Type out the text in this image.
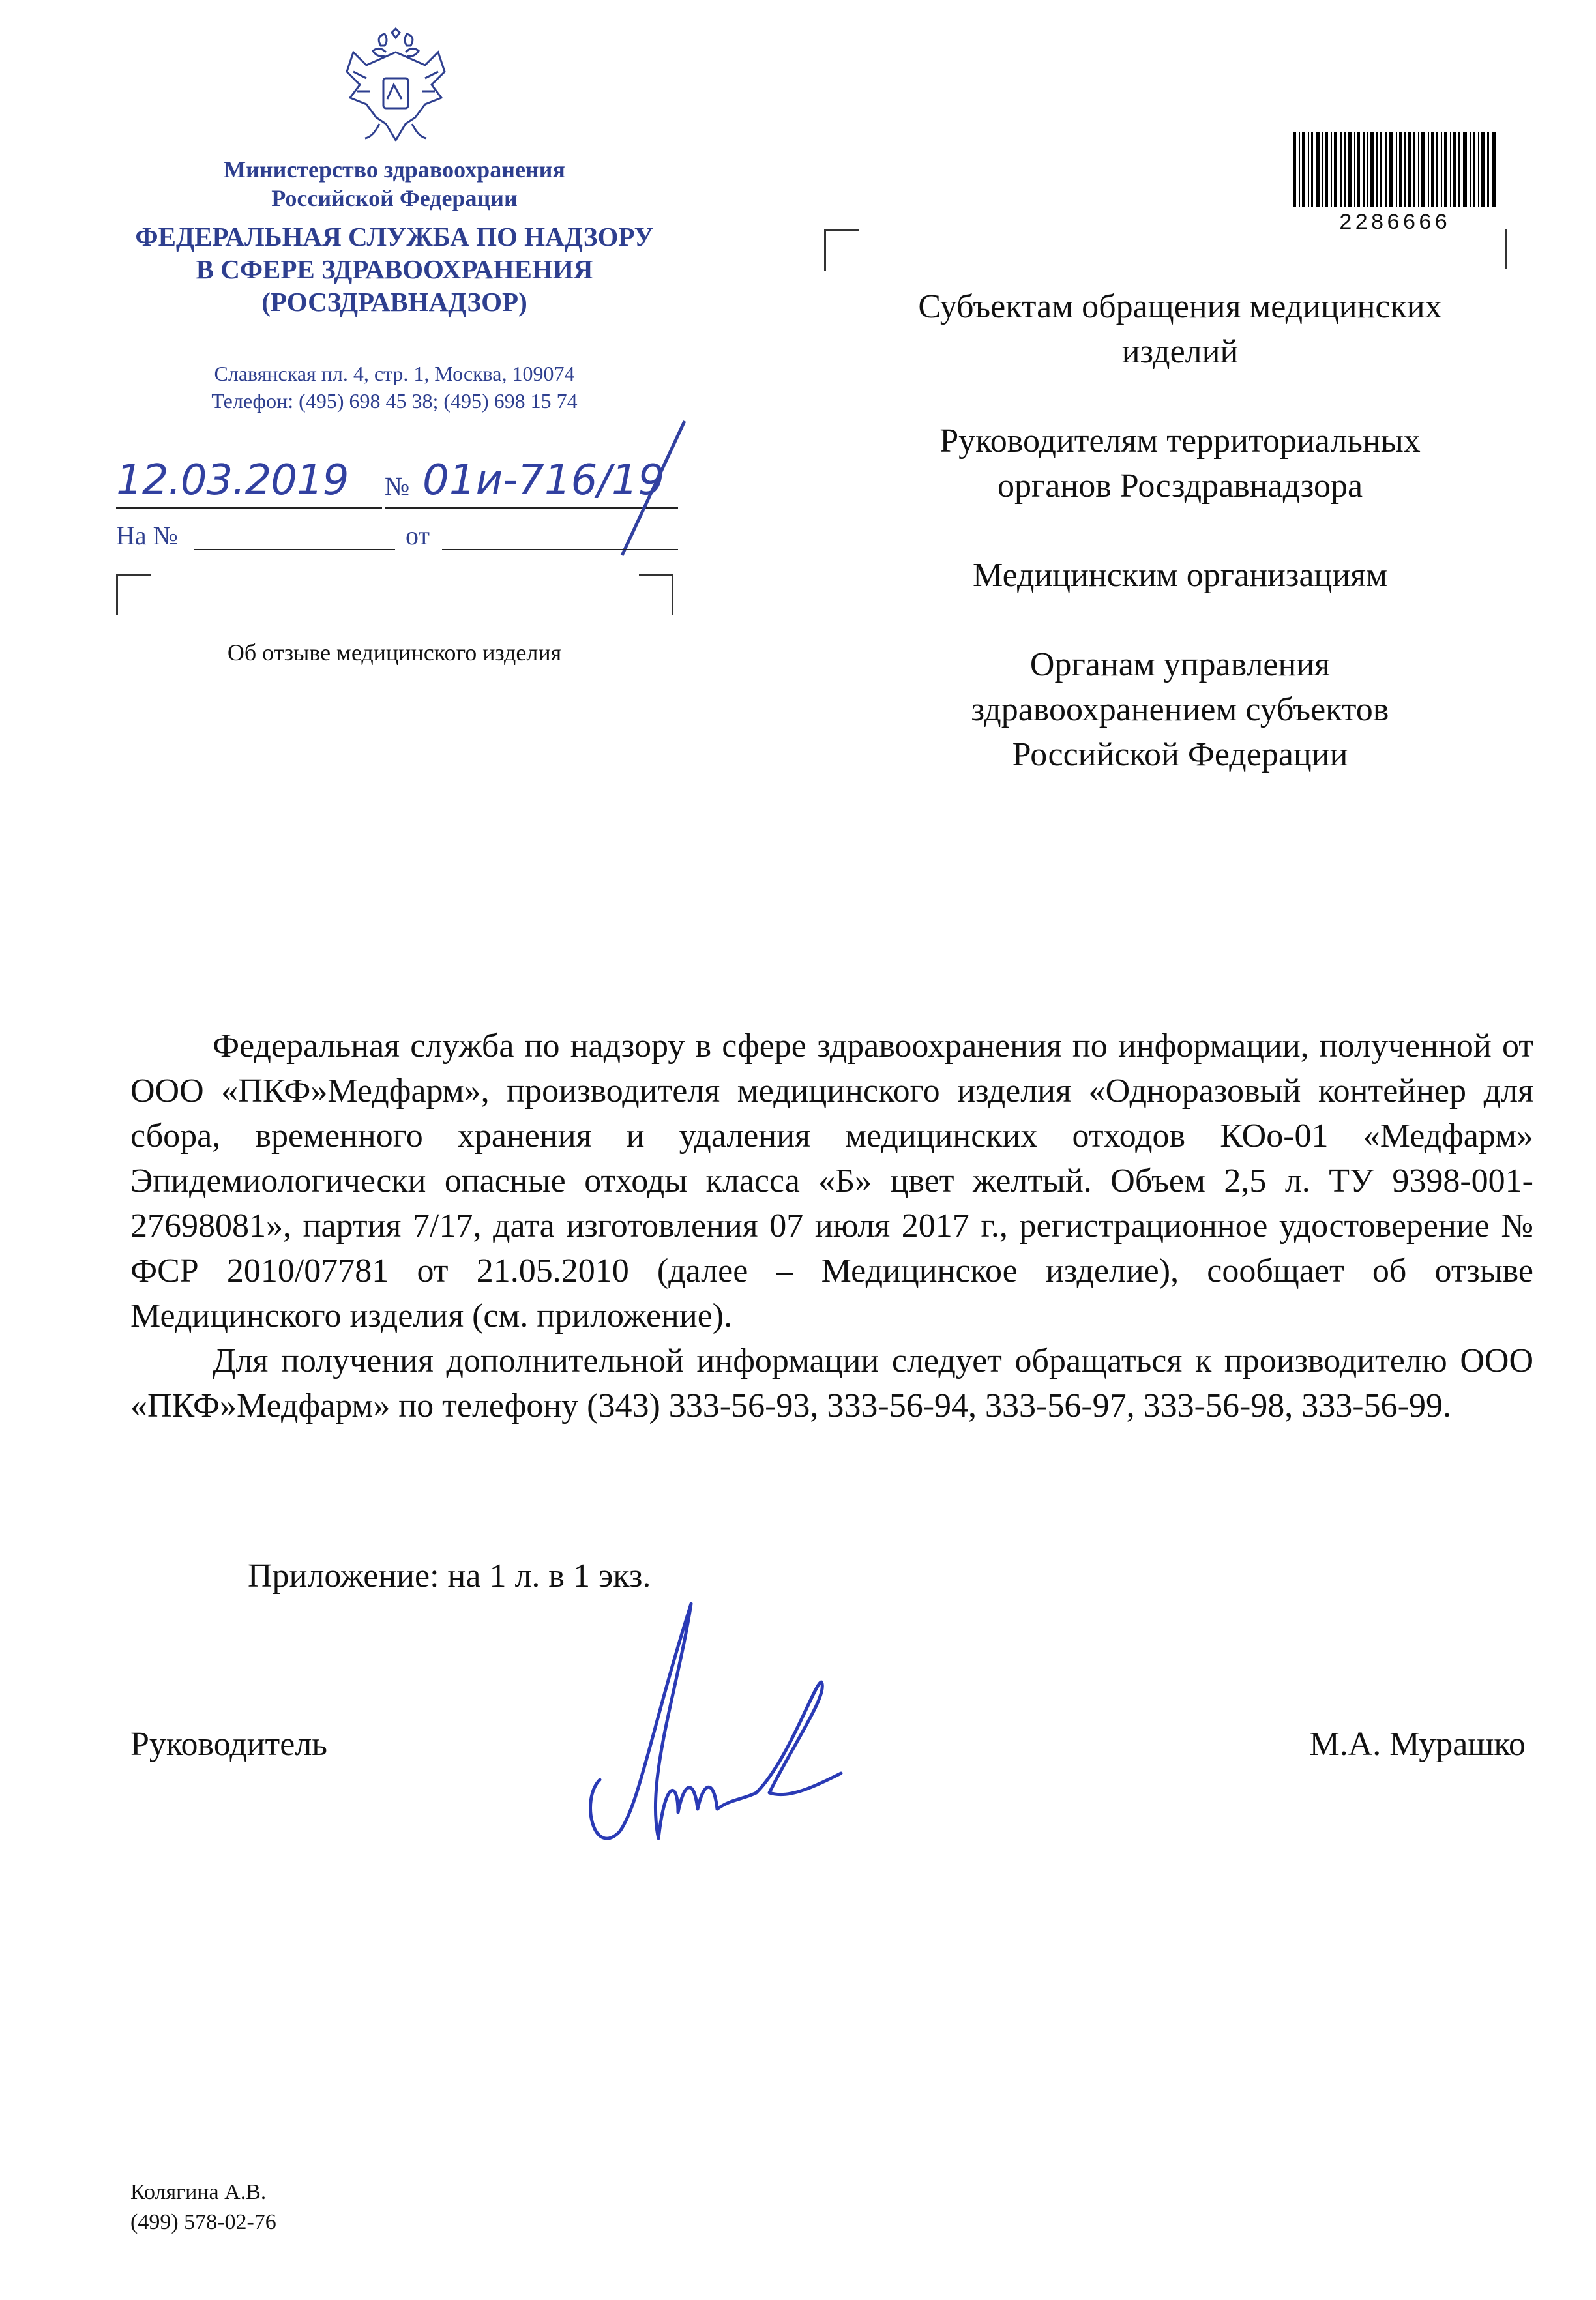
Министерство здравоохранения
Российской Федерации
ФЕДЕРАЛЬНАЯ СЛУЖБА ПО НАДЗОРУ
В СФЕРЕ ЗДРАВООХРАНЕНИЯ
(РОСЗДРАВНАДЗОР)
Славянская пл. 4, стр. 1, Москва, 109074
Телефон: (495) 698 45 38; (495) 698 15 74
12.03.2019 № 01и-716/19
На №	от
Об отзыве медицинского изделия
2286666

Субъектам обращения медицинских изделий

Руководителям территориальных органов Росздравнадзора

Медицинским организациям

Органам управления здравоохранением субъектов Российской Федерации

Федеральная служба по надзору в сфере здравоохранения по информации, полученной от ООО «ПКФ»Медфарм», производителя медицинского изделия «Одноразовый контейнер для сбора, временного хранения и удаления медицинских отходов КОо-01 «Медфарм» Эпидемиологически опасные отходы класса «Б» цвет желтый. Объем 2,5 л. ТУ 9398-001-27698081», партия 7/17, дата изготовления 07 июля 2017 г., регистрационное удостоверение № ФСР 2010/07781 от 21.05.2010 (далее – Медицинское изделие), сообщает об отзыве Медицинского изделия (см. приложение).

Для получения дополнительной информации следует обращаться к производителю ООО «ПКФ»Медфарм» по телефону (343) 333-56-93, 333-56-94, 333-56-97, 333-56-98, 333-56-99.

Приложение: на 1 л. в 1 экз.
Руководитель	М.А. Мурашко
Колягина А.В.
(499) 578-02-76
